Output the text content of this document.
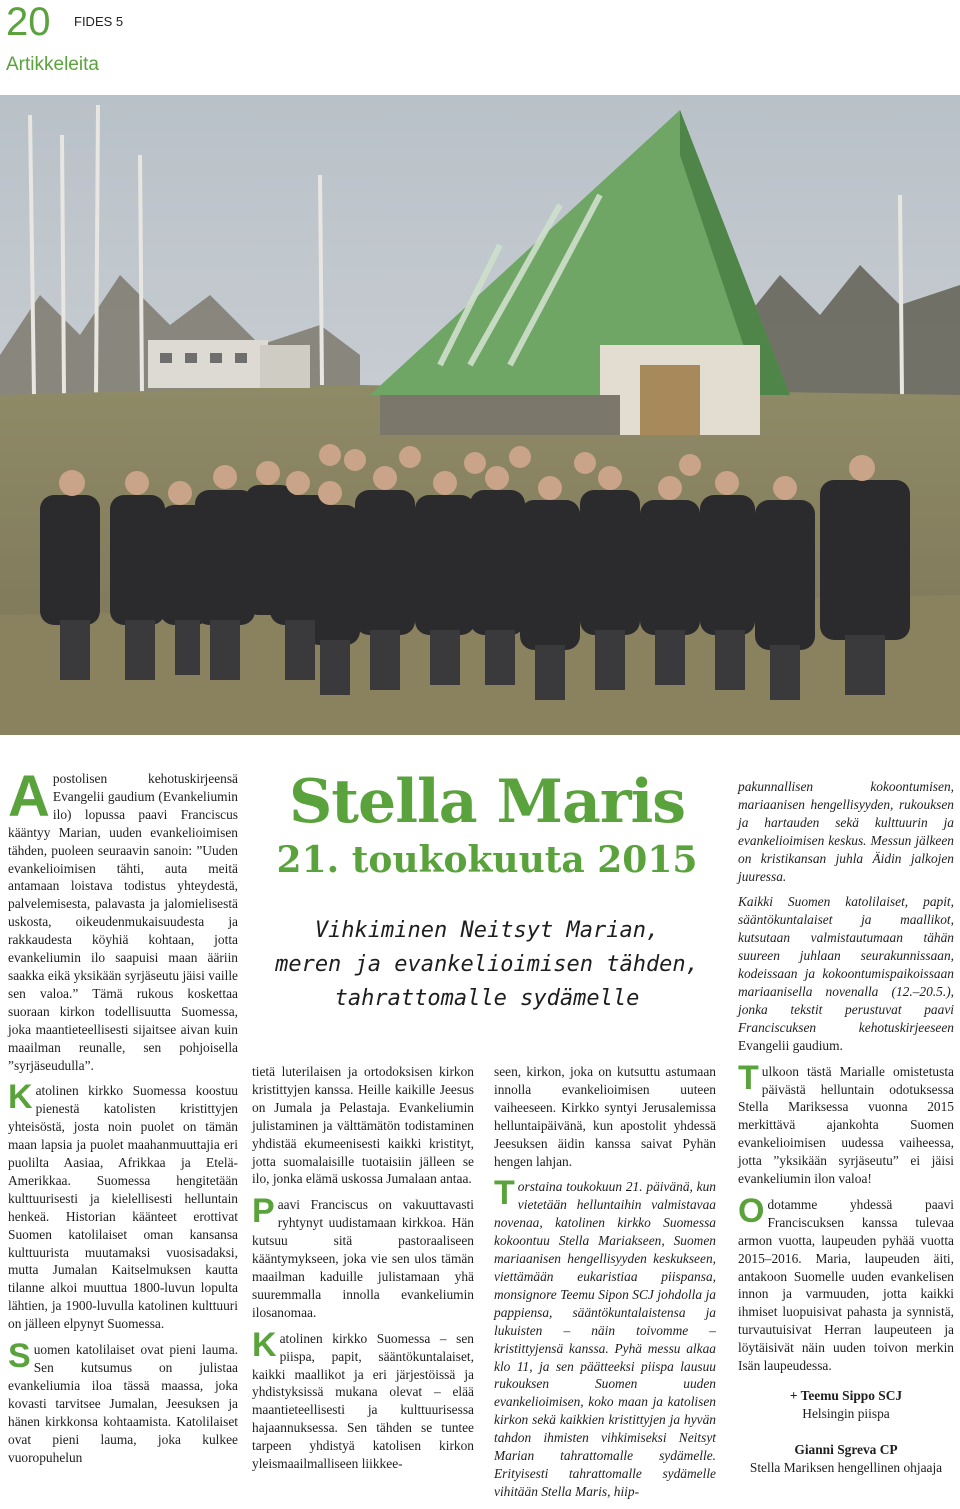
20 FIDES 5
Artikkeleita

Apostolisen kehotuskirjeensä Evangelii gaudium (Evankeliumin ilo) lopussa paavi Franciscus kääntyy Marian, uuden evankelioimisen tähden, puoleen seuraavin sanoin: ”Uuden evankelioimisen tähti, auta meitä antamaan loistava todistus yhteydestä, palvelemisesta, palavasta ja jalomielisestä uskosta, oikeudenmukaisuudesta ja rakkaudesta köyhiä kohtaan, jotta evankeliumin ilo saapuisi maan ääriin saakka eikä yksikään syrjäseutu jäisi vaille sen valoa.” Tämä rukous koskettaa suoraan kirkon todellisuutta Suomessa, joka maantieteellisesti sijaitsee aivan kuin maailman reunalle, sen pohjoisella ”syrjäseudulla”.

Katolinen kirkko Suomessa koostuu pienestä katolisten kristittyjen yhteisöstä, josta noin puolet on tämän maan lapsia ja puolet maahanmuuttajia eri puolilta Aasiaa, Afrikkaa ja Etelä-Amerikkaa. Suomessa hengitetään kulttuurisesti ja kielellisesti helluntain henkeä. Historian käänteet erottivat Suomen katolilaiset oman kansansa kulttuurista muutamaksi vuosisadaksi, mutta Jumalan Kaitselmuksen kautta tilanne alkoi muuttua 1800-luvun lopulta lähtien, ja 1900-luvulla katolinen kulttuuri on jälleen elpynyt Suomessa.

Suomen katolilaiset ovat pieni lauma. Sen kutsumus on julistaa evankeliumia iloa tässä maassa, joka kovasti tarvitsee Jumalan, Jeesuksen ja hänen kirkkonsa kohtaamista. Katolilaiset ovat pieni lauma, joka kulkee vuoropuhelun

Stella Maris
21. toukokuuta 2015
Vihkiminen Neitsyt Marian,
meren ja evankelioimisen tähden,
tahrattomalle sydämelle

tietä luterilaisen ja ortodoksisen kirkon kristittyjen kanssa. Heille kaikille Jeesus on Jumala ja Pelastaja. Evankeliumin julistaminen ja välttämätön todistaminen yhdistää ekumeenisesti kaikki kristityt, jotta suomalaisille tuotaisiin jälleen se ilo, jonka elämä uskossa Jumalaan antaa.

Paavi Franciscus on vakuuttavasti ryhtynyt uudistamaan kirkkoa. Hän kutsuu sitä pastoraaliseen kääntymykseen, joka vie sen ulos tämän maailman kaduille julistamaan yhä suuremmalla innolla evankeliumin ilosanomaa.

Katolinen kirkko Suomessa – sen piispa, papit, sääntökuntalaiset, kaikki maallikot ja eri järjestöissä ja yhdistyksissä mukana olevat – elää maantieteellisesti ja kulttuurisessa hajaannuksessa. Sen tähden se tuntee tarpeen yhdistyä katolisen kirkon yleismaailmalliseen liikkee-

seen, kirkon, joka on kutsuttu astumaan innolla evankelioimisen uuteen vaiheeseen. Kirkko syntyi Jerusalemissa helluntaipäivänä, kun apostolit yhdessä Jeesuksen äidin kanssa saivat Pyhän hengen lahjan.

Torstaina toukokuun 21. päivänä, kun vietetään helluntaihin valmistavaa novenaa, katolinen kirkko Suomessa kokoontuu Stella Mariakseen, Suomen mariaanisen hengellisyyden keskukseen, viettämään eukaristiaa piispansa, monsignore Teemu Sipon SCJ johdolla ja pappiensa, sääntökuntalaistensa ja lukuisten – näin toivomme – kristittyjensä kanssa. Pyhä messu alkaa klo 11, ja sen päätteeksi piispa lausuu rukouksen Suomen uuden evankelioimisen, koko maan ja katolisen kirkon sekä kaikkien kristittyjen ja hyvän tahdon ihmisten vihkimiseksi Neitsyt Marian tahrattomalle sydämelle. Erityisesti tahrattomalle sydämelle vihitään Stella Maris, hiip-

pakunnallisen kokoontumisen, mariaanisen hengellisyyden, rukouksen ja hartauden sekä kulttuurin ja evankelioimisen keskus. Messun jälkeen on kristikansan juhla Äidin jalkojen juuressa.

Kaikki Suomen katolilaiset, papit, sääntökuntalaiset ja maallikot, kutsutaan valmistautumaan tähän suureen juhlaan seurakunnissaan, kodeissaan ja kokoontumispaikoissaan mariaanisella novenalla (12.–20.5.), jonka tekstit perustuvat paavi Franciscuksen kehotuskirjeeseen Evangelii gaudium.

Tulkoon tästä Marialle omistetusta päivästä helluntain odotuksessa Stella Mariksessa vuonna 2015 merkittävä ajankohta Suomen evankelioimisen uudessa vaiheessa, jotta ”yksikään syrjäseutu” ei jäisi evankeliumin ilon valoa!

Odotamme yhdessä paavi Franciscuksen kanssa tulevaa armon vuotta, laupeuden pyhää vuotta 2015–2016. Maria, laupeuden äiti, antakoon Suomelle uuden evankelisen innon ja varmuuden, jotta kaikki ihmiset luopuisivat pahasta ja synnistä, turvautuisivat Herran laupeuteen ja löytäisivät näin uuden toivon merkin Isän laupeudessa.

+ Teemu Sippo SCJ
Helsingin piispa
Gianni Sgreva CP
Stella Mariksen hengellinen ohjaaja
